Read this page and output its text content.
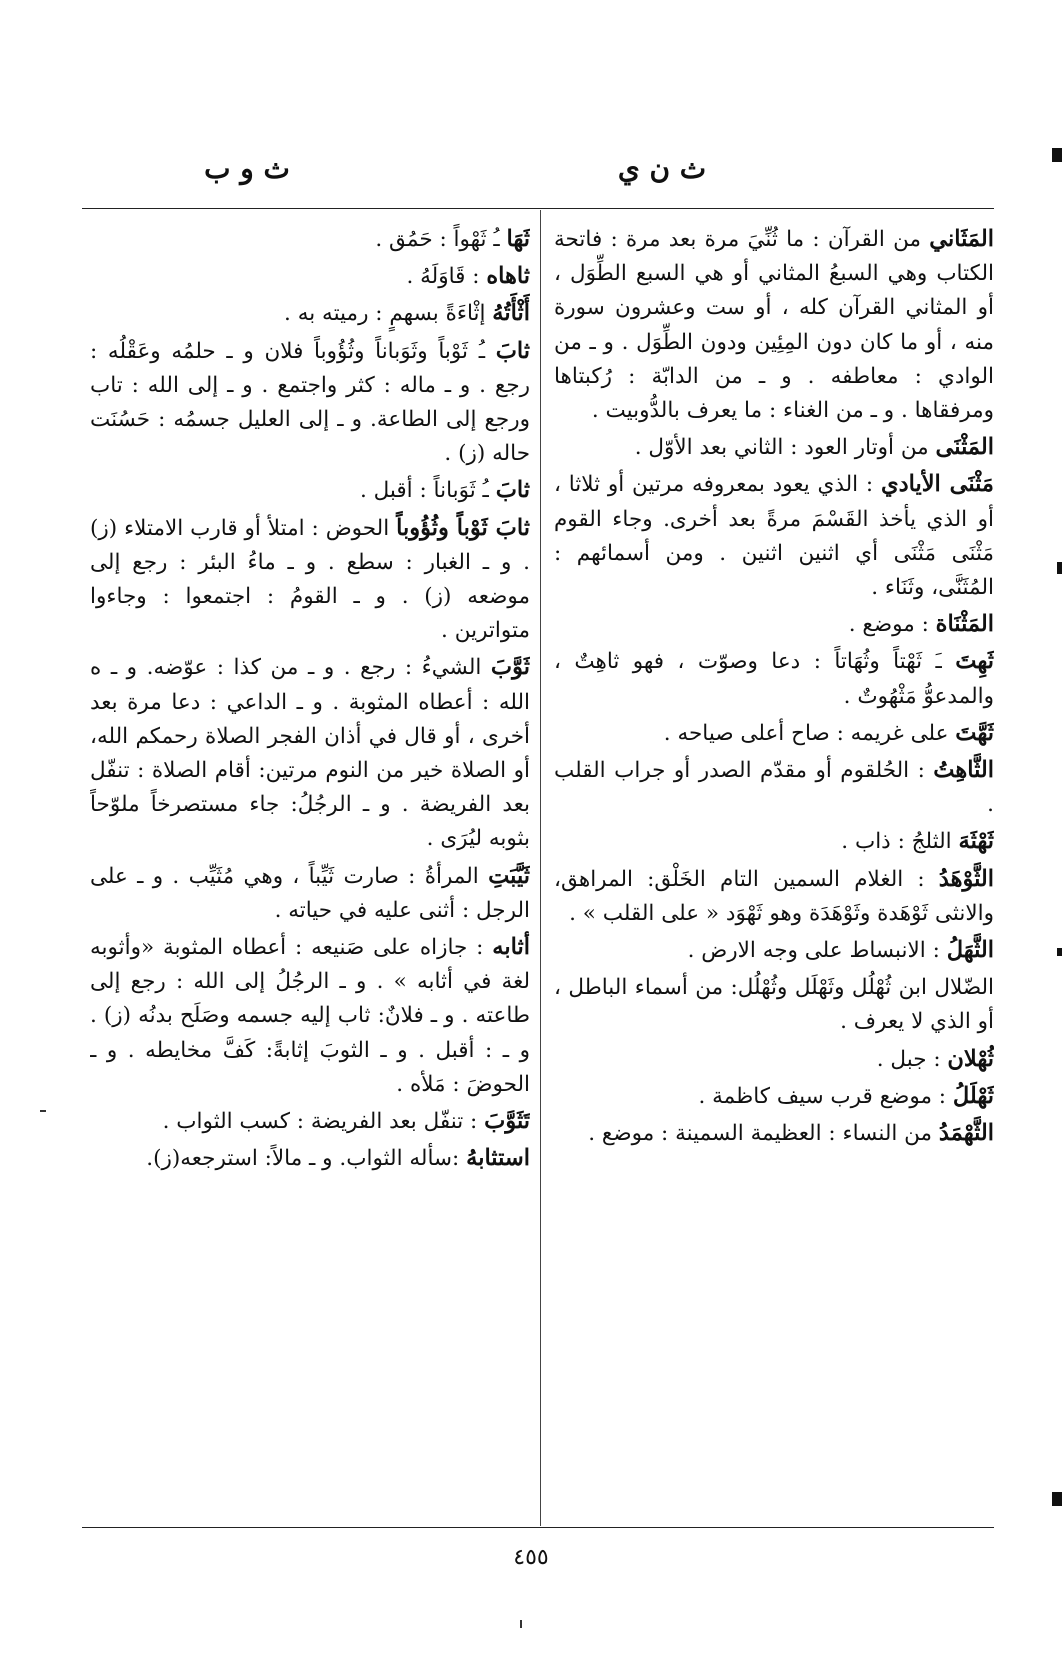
ث ن ي
ث و ب

المَثَاني من القرآن : ما ثُنِّيَ مرة بعد مرة : فاتحة الكتاب وهي السبعُ المثاني أو هي السبع الطِّوَل ، أو المثاني القرآن كله ، أو ست وعشرون سورة منه ، أو ما كان دون المِئِين ودون الطِّوَل . و ـ من الوادي : معاطفه . و ـ من الدابّة : رُكبتاها ومرفقاها . و ـ من الغناء : ما يعرف بالدُّوبيت .

المَثْنَى من أوتار العود : الثاني بعد الأوّل .

مَثْنَى الأيادي : الذي يعود بمعروفه مرتين أو ثلاثا ، أو الذي يأخذ القَسْمَ مرةً بعد أخرى. وجاء القوم مَثْنَى مَثْنَى أي اثنين اثنين . ومن أسمائهم : المُثَنَّى، وثَنَاء .

المَثْنَاة : موضع .

ثَهِتَ ـَ ثَهْتاً وثُهَاتاً : دعا وصوّت ، فهو ثاهِتٌ ، والمدعوُّ مَثْهُوتٌ .

ثَهَّتَ على غريمه : صاح أعلى صياحه .

الثَّاهِتُ : الحُلقوم أو مقدّم الصدر أو جراب القلب .

ثَهْثَهَ الثلجُ : ذاب .

الثَّوْهَدُ : الغلام السمين التام الخَلْق: المراهق، والانثى ثَوْهَدة وثَوْهَدَة وهو ثَهْوَد « على القلب » .

الثَّهَلُ : الانبساط على وجه الارض .

الضّلال ابن ثُهْلُل وثَهْلَل وثُهْلُل: من أسماء الباطل ، أو الذي لا يعرف .

ثُهْلان : جبل .

ثَهْلَلُ : موضع قرب سيف كاظمة .

الثَّهْمَدُ من النساء : العظيمة السمينة : موضع .

ثَهَا ـُ ثَهْواً : حَمُق .

ثاهاه : قَاوَلَهُ .

أَثْأَتُهُ إثْاءَةً بسهمٍ : رميته به .

ثابَ ـُ ثَوْباً وثَوَباناً وثُؤُوباً فلان و ـ حلمُه وعَقْلُه : رجع . و ـ ماله : كثر واجتمع . و ـ إلى الله : تاب ورجع إلى الطاعة. و ـ إلى العليل جسمُه : حَسُنَت حاله (ز) .

ثابَ ـُ ثَوَباناً : أقبل .

ثابَ ثَوْباً وثُؤُوباً الحوض : امتلأ أو قارب الامتلاء (ز) . و ـ الغبار : سطع . و ـ ماءُ البئر : رجع إلى موضعه (ز) . و ـ القومُ : اجتمعوا : وجاءوا متواترين .

ثَوَّبَ الشيءُ : رجع . و ـ من كذا : عوّضه. و ـ ه الله : أعطاه المثوبة . و ـ الداعي : دعا مرة بعد أخرى ، أو قال في أذان الفجر الصلاة رحمكم الله، أو الصلاة خير من النوم مرتين: أقام الصلاة : تنفّل بعد الفريضة . و ـ الرجُلُ: جاء مستصرخاً ملوّحاً بثوبه ليُرَى .

ثَيَّبَتِ المرأةُ : صارت ثَيِّباً ، وهي مُثَيِّب . و ـ على الرجل : أثنى عليه في حياته .

أثابه : جازاه على صَنيعه : أعطاه المثوبة «وأثوبه لغة في أثابه » . و ـ الرجُلُ إلى الله : رجع إلى طاعته . و ـ فلانٌ: ثاب إليه جسمه وصَلَح بدنُه (ز) . و ـ : أقبل . و ـ الثوبَ إثابةً: كَفَّ مخايطه . و ـ الحوضَ : مَلأه .

تَثَوَّبَ : تنفّل بعد الفريضة : كسب الثواب .

استثابهُ :سأله الثواب. و ـ مالاً: استرجعه(ز).

٤٥٥
